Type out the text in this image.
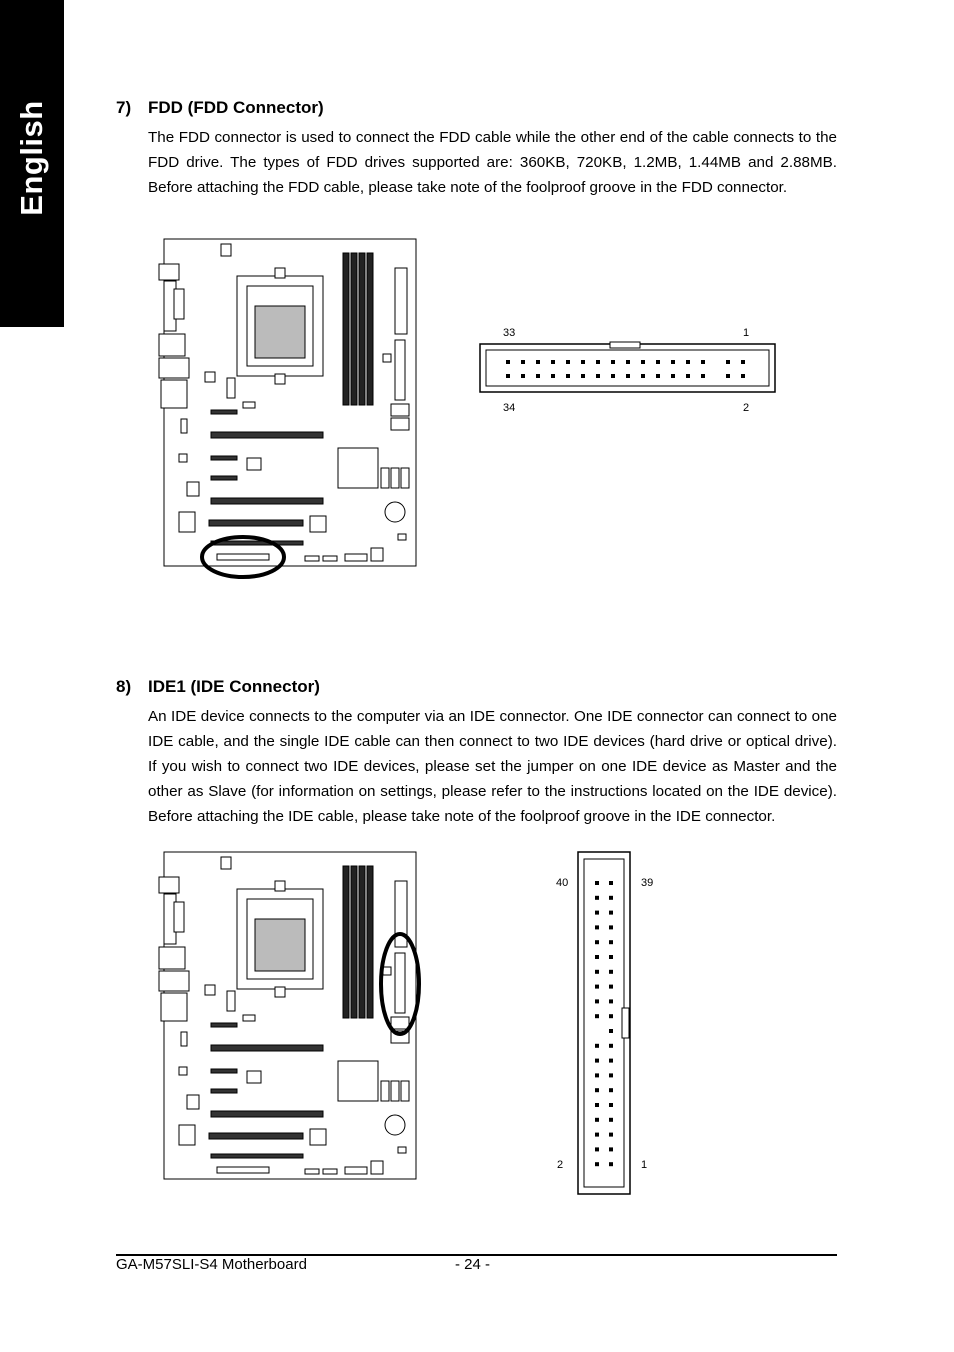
English	7) FDD (FDD Connector)
The FDD connector is used to connect the FDD cable while the other end of the cable connects to the FDD drive. The types of FDD drives supported are: 360KB, 720KB, 1.2MB, 1.44MB and 2.88MB. Before attaching the FDD cable, please take note of the foolproof groove in the FDD connector.
33	1
34	2
8) IDE1 (IDE Connector)
An IDE device connects to the computer via an IDE connector. One IDE connector can connect to one IDE cable, and the single IDE cable can then connect to two IDE devices (hard drive or optical drive). If you wish to connect two IDE devices, please set the jumper on one IDE device as Master and the other as Slave (for information on settings, please refer to the instructions located on the IDE device). Before attaching the IDE cable, please take note of the foolproof groove in the IDE connector.
40	39
2	1
GA-M57SLI-S4 Motherboard	- 24 -
